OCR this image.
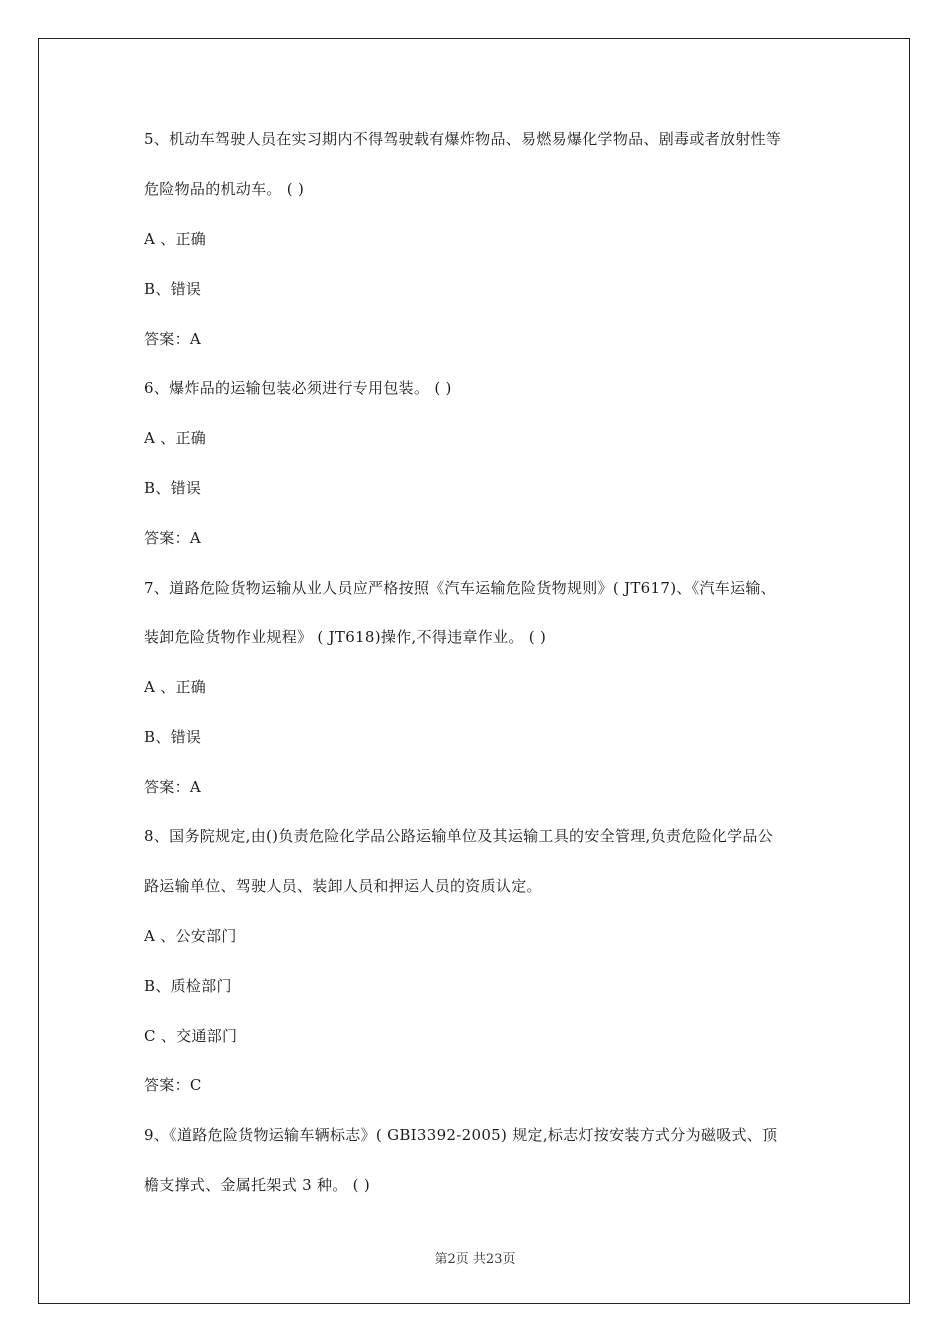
5、机动车驾驶人员在实习期内不得驾驶载有爆炸物品、易燃易爆化学物品、剧毒或者放射性等
危险物品的机动车。 ( )
A 、正确
B、错误
答案：A
6、爆炸品的运输包装必须进行专用包装。 ( )
A 、正确
B、错误
答案：A
7、道路危险货物运输从业人员应严格按照《汽车运输危险货物规则》( JT617)、《汽车运输、
装卸危险货物作业规程》 ( JT618)操作,不得违章作业。 ( )
A 、正确
B、错误
答案：A
8、国务院规定,由()负责危险化学品公路运输单位及其运输工具的安全管理,负责危险化学品公
路运输单位、驾驶人员、装卸人员和押运人员的资质认定。
A 、公安部门
B、质检部门
C 、交通部门
答案：C
9、《道路危险货物运输车辆标志》( GBI3392-2005) 规定,标志灯按安装方式分为磁吸式、顶
檐支撑式、金属托架式 3 种。 ( )
第2页 共23页
